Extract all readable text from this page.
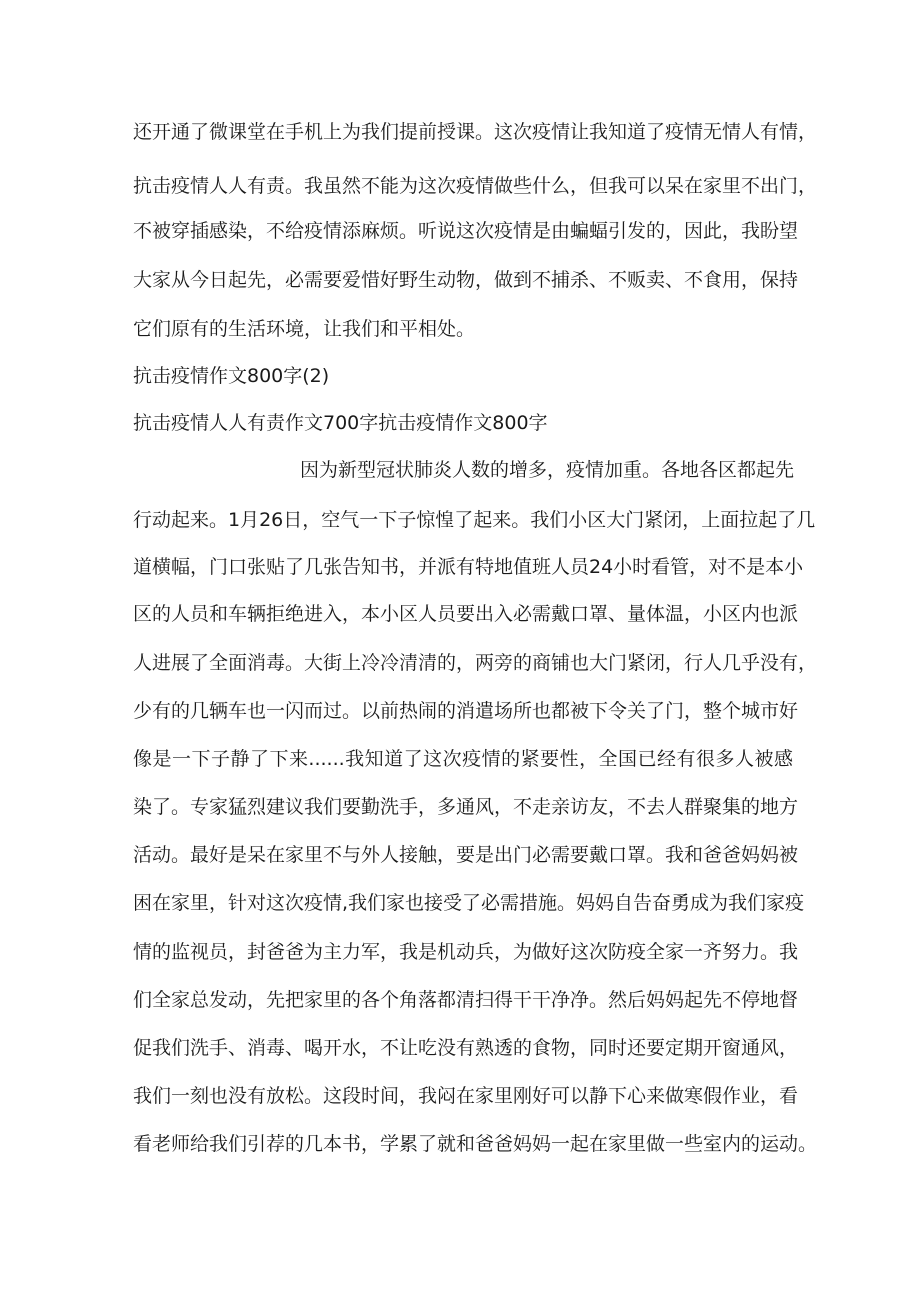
还开通了微课堂在手机上为我们提前授课。这次疫情让我知道了疫情无情人有情，
抗击疫情人人有责。我虽然不能为这次疫情做些什么，但我可以呆在家里不出门，
不被穿插感染，不给疫情添麻烦。听说这次疫情是由蝙蝠引发的，因此，我盼望
大家从今日起先，必需要爱惜好野生动物，做到不捕杀、不贩卖、不食用，保持
它们原有的生活环境，让我们和平相处。
抗击疫情作文800字(2)
抗击疫情人人有责作文700字抗击疫情作文800字
因为新型冠状肺炎人数的增多，疫情加重。各地各区都起先
行动起来。1月26日，空气一下子惊惶了起来。我们小区大门紧闭，上面拉起了几
道横幅，门口张贴了几张告知书，并派有特地值班人员24小时看管，对不是本小
区的人员和车辆拒绝进入，本小区人员要出入必需戴口罩、量体温，小区内也派
人进展了全面消毒。大街上冷冷清清的，两旁的商铺也大门紧闭，行人几乎没有，
少有的几辆车也一闪而过。以前热闹的消遣场所也都被下令关了门，整个城市好
像是一下子静了下来......我知道了这次疫情的紧要性，全国已经有很多人被感
染了。专家猛烈建议我们要勤洗手，多通风，不走亲访友，不去人群聚集的地方
活动。最好是呆在家里不与外人接触，要是出门必需要戴口罩。我和爸爸妈妈被
困在家里，针对这次疫情,我们家也接受了必需措施。妈妈自告奋勇成为我们家疫
情的监视员，封爸爸为主力军，我是机动兵，为做好这次防疫全家一齐努力。我
们全家总发动，先把家里的各个角落都清扫得干干净净。然后妈妈起先不停地督
促我们洗手、消毒、喝开水，不让吃没有熟透的食物，同时还要定期开窗通风，
我们一刻也没有放松。这段时间，我闷在家里刚好可以静下心来做寒假作业，看
看老师给我们引荐的几本书，学累了就和爸爸妈妈一起在家里做一些室内的运动。
